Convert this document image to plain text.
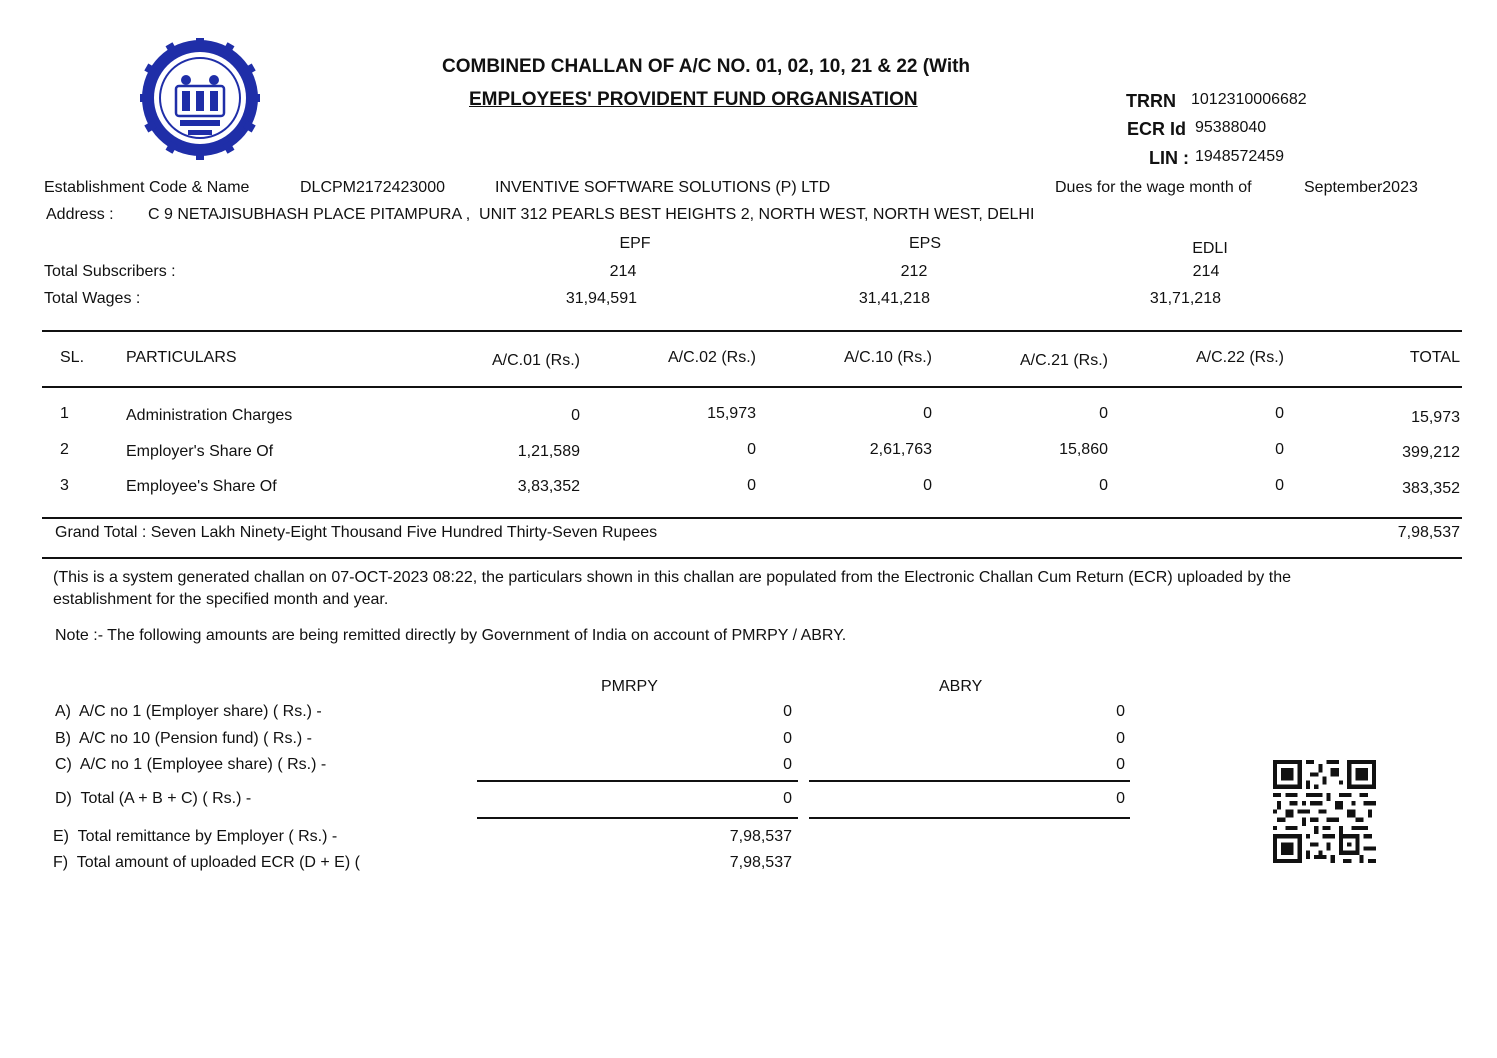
COMBINED CHALLAN OF A/C NO. 01, 02, 10, 21 & 22 (With
EMPLOYEES' PROVIDENT FUND ORGANISATION	TRRN 1012310006682
ECR Id 95388040
LIN : 1948572459
Establishment Code & Name	DLCPM2172423000	INVENTIVE SOFTWARE SOLUTIONS (P) LTD	Dues for the wage month of	September2023
Address : C 9 NETAJISUBHASH PLACE PITAMPURA ,  UNIT 312 PEARLS BEST HEIGHTS 2, NORTH WEST, NORTH WEST, DELHI
EPF	EPS	EDLI
Total Subscribers :	214	212	214
Total Wages :	31,94,591	31,41,218	31,71,218
SL.	PARTICULARS	A/C.01 (Rs.)	A/C.02 (Rs.)	A/C.10 (Rs.)	A/C.21 (Rs.)	A/C.22 (Rs.)	TOTAL
1	Administration Charges	0	15,973	0	0	0	15,973
2	Employer's Share Of	1,21,589	0	2,61,763	15,860	0	399,212
3	Employee's Share Of	3,83,352	0	0	0	0	383,352
Grand Total : Seven Lakh Ninety-Eight Thousand Five Hundred Thirty-Seven Rupees	7,98,537
(This is a system generated challan on 07-OCT-2023 08:22, the particulars shown in this challan are populated from the Electronic Challan Cum Return (ECR) uploaded by the
establishment for the specified month and year.
Note :- The following amounts are being remitted directly by Government of India on account of PMRPY / ABRY.
PMRPY	ABRY
A)  A/C no 1 (Employer share) ( Rs.) -	0	0
B)  A/C no 10 (Pension fund) ( Rs.) -	0	0
C)  A/C no 1 (Employee share) ( Rs.) -	0	0
D)  Total (A + B + C) ( Rs.) -	0	0
E)  Total remittance by Employer ( Rs.) -	7,98,537
F)  Total amount of uploaded ECR (D + E) (	7,98,537
